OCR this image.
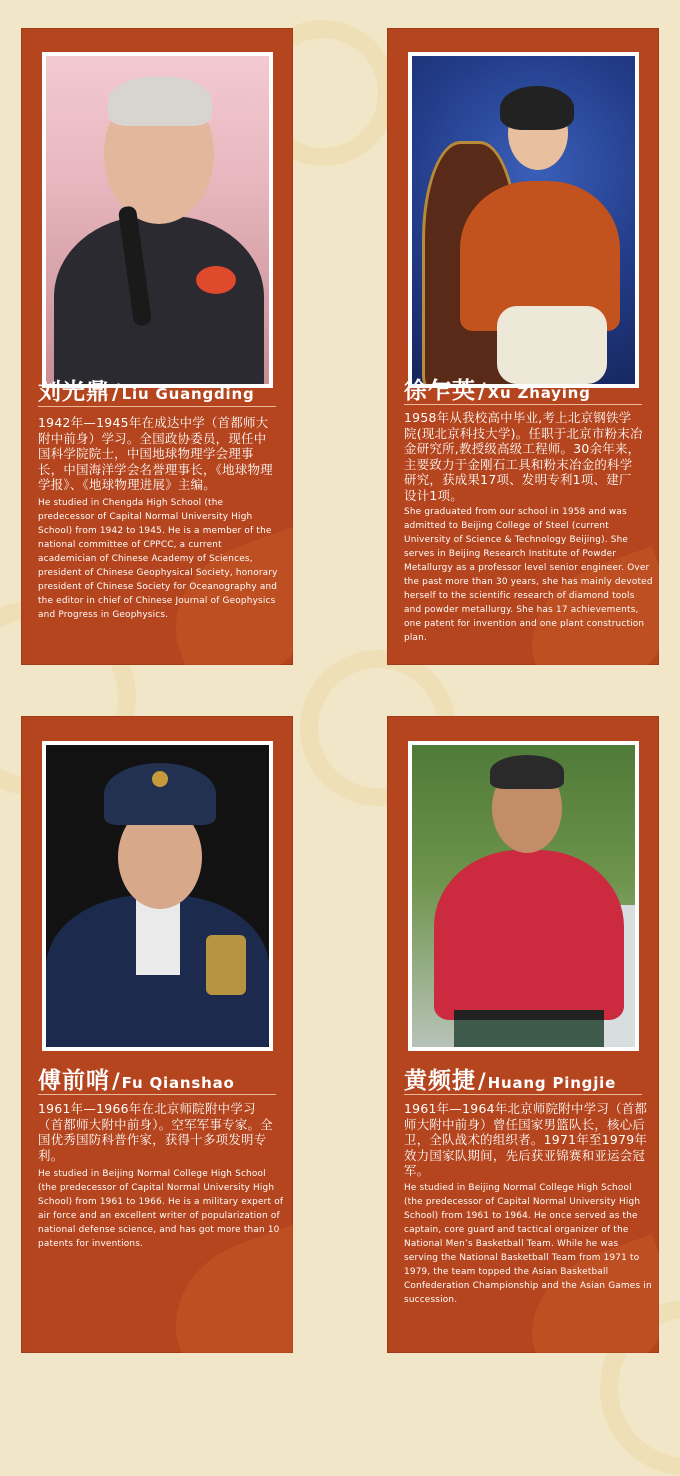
刘光鼎 / Liu Guangding
1942年—1945年在成达中学（首都师大附中前身）学习。全国政协委员，现任中国科学院院士，中国地球物理学会理事长，中国海洋学会名誉理事长，《地球物理学报》、《地球物理进展》主编。
He studied in Chengda High School (the predecessor of Capital Normal University High School) from 1942 to 1945. He is a member of the national committee of CPPCC, a current academician of Chinese Academy of Sciences, president of Chinese Geophysical Society, honorary president of Chinese Society for Oceanography and the editor in chief of Chinese Journal of Geophysics and Progress in Geophysics.
徐乍英 / Xu Zhaying
1958年从我校高中毕业,考上北京钢铁学院(现北京科技大学)。任职于北京市粉末冶金研究所,教授级高级工程师。30余年来，主要致力于金刚石工具和粉末冶金的科学研究，获成果17项、发明专利1项、建厂设计1项。
She graduated from our school in 1958 and was admitted to Beijing College of Steel (current University of Science & Technology Beijing). She serves in Beijing Research Institute of Powder Metallurgy as a professor level senior engineer. Over the past more than 30 years, she has mainly devoted herself to the scientific research of diamond tools and powder metallurgy. She has 17 achievements, one patent for invention and one plant construction plan.
傅前哨 / Fu Qianshao
1961年—1966年在北京师院附中学习（首都师大附中前身）。空军军事专家。全国优秀国防科普作家，获得十多项发明专利。
He studied in Beijing Normal College High School (the predecessor of Capital Normal University High School) from 1961 to 1966. He is a military expert of air force and an excellent writer of popularization of national defense science, and has got more than 10 patents for inventions.
黄频捷 / Huang Pingjie
1961年—1964年北京师院附中学习（首都师大附中前身）曾任国家男篮队长，核心后卫，全队战术的组织者。1971年至1979年效力国家队期间，先后获亚锦赛和亚运会冠军。
He studied in Beijing Normal College High School (the predecessor of Capital Normal University High School) from 1961 to 1964. He once served as the captain, core guard and tactical organizer of the National Men’s Basketball Team. While he was serving the National Basketball Team from 1971 to 1979, the team topped the Asian Basketball Confederation Championship and the Asian Games in succession.
